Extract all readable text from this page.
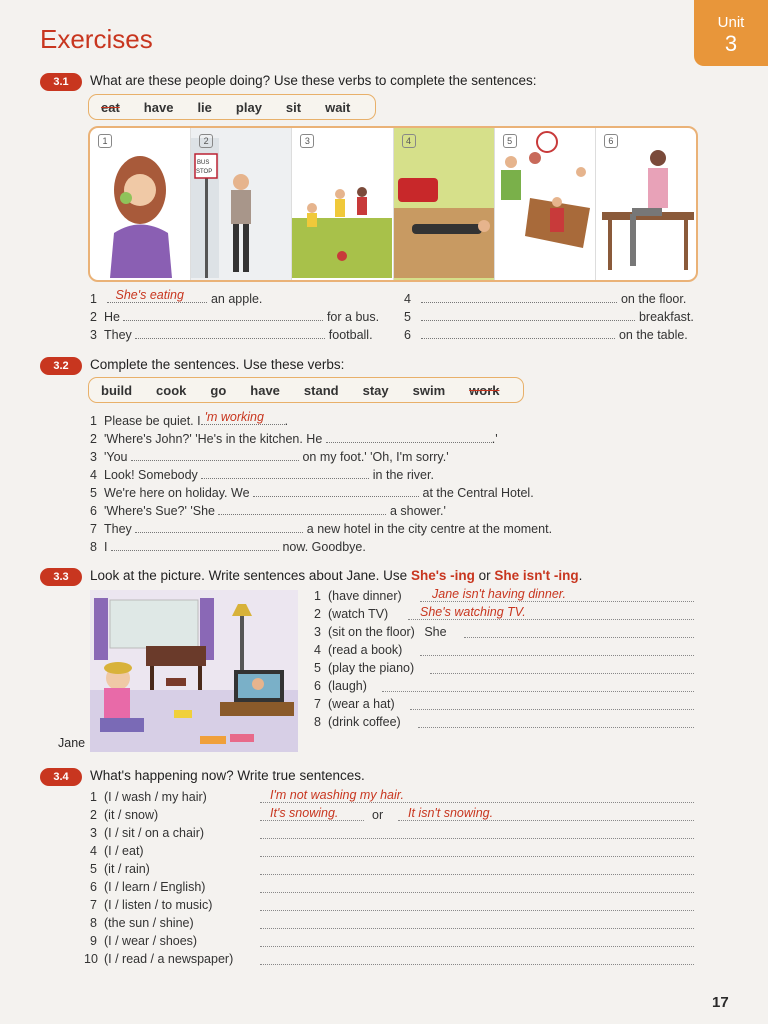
Exercises
Unit
3
3.1	What are these people doing? Use these verbs to complete the sentences:
eat have lie play sit wait
1	2
BUS
STOP
3	4	5	6
1 She's eating an apple.
2 He	for a bus.
3 They	football.
4	on the floor.
5	breakfast.
6	on the table.
3.2	Complete the sentences. Use these verbs:
build cook go have stand stay swim work
1 Please be quiet. I 'm working .
2 'Where's John?' 'He's in the kitchen. He	.'
3 'You	on my foot.' 'Oh, I'm sorry.'
4 Look! Somebody	in the river.
5 We're here on holiday. We	at the Central Hotel.
6 'Where's Sue?' 'She	a shower.'
7 They	a new hotel in the city centre at the moment.
8 I	now. Goodbye.
3.3	Look at the picture. Write sentences about Jane. Use She's -ing or She isn't -ing.
Jane
1 (have dinner) Jane isn't having dinner.
2 (watch TV)	She's watching TV.
3 (sit on the floor) She
4 (read a book)
5 (play the piano)
6 (laugh)
7 (wear a hat)
8 (drink coffee)
3.4	What's happening now? Write true sentences.
1 (I / wash / my hair)	I'm not washing my hair.
2 (it / snow)	It's snowing.	or It isn't snowing.
3 (I / sit / on a chair)
4 (I / eat)
5 (it / rain)
6 (I / learn / English)
7 (I / listen / to music)
8 (the sun / shine)
9 (I / wear / shoes)
10 (I / read / a newspaper)
17
